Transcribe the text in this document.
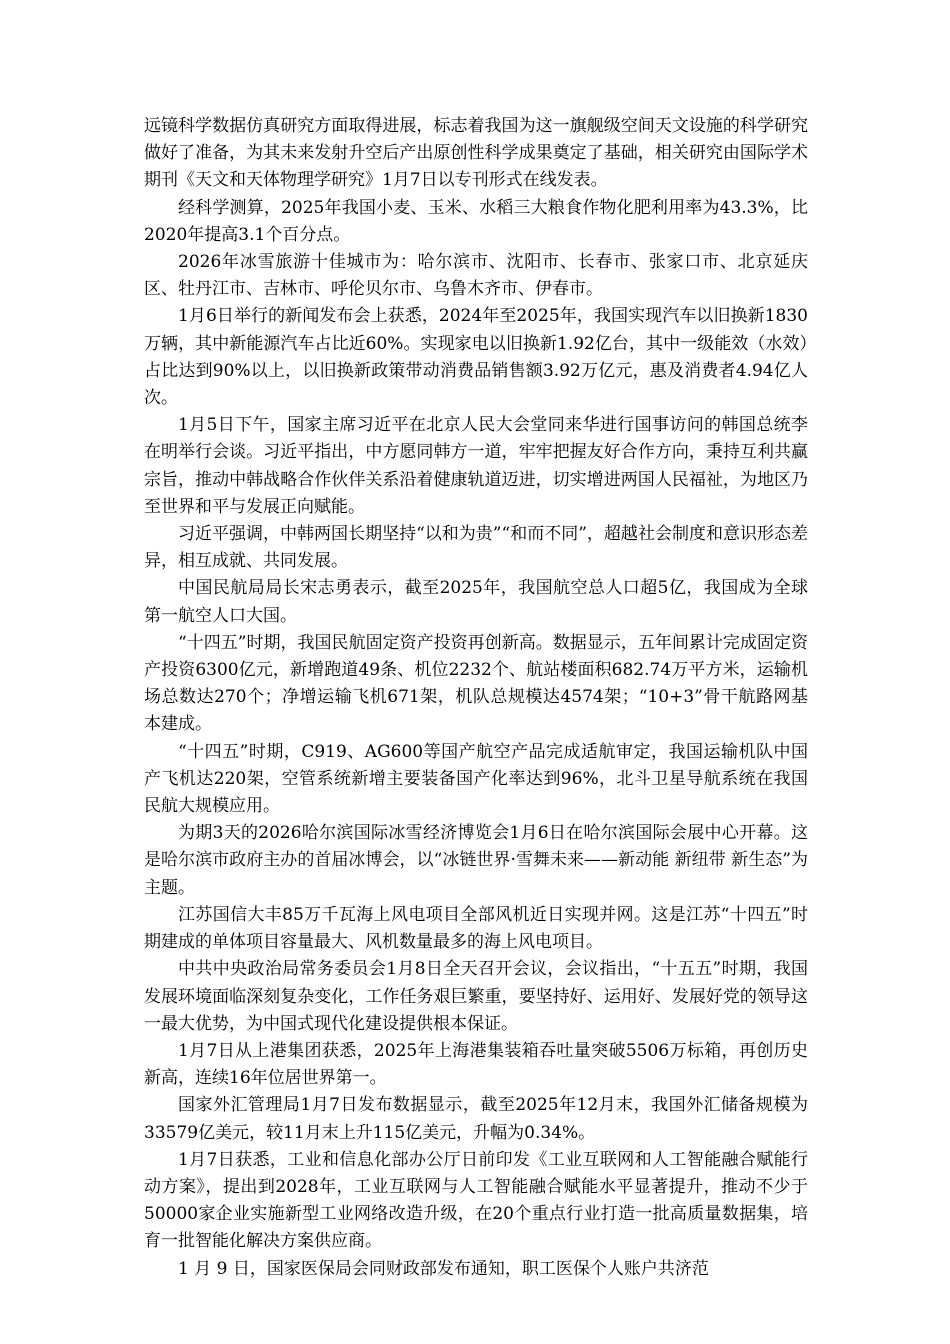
远镜科学数据仿真研究方面取得进展，标志着我国为这一旗舰级空间天文设施的科学研究做好了准备，为其未来发射升空后产出原创性科学成果奠定了基础，相关研究由国际学术期刊《天文和天体物理学研究》1月7日以专刊形式在线发表。

经科学测算，2025年我国小麦、玉米、水稻三大粮食作物化肥利用率为43.3%，比2020年提高3.1个百分点。

2026年冰雪旅游十佳城市为：哈尔滨市、沈阳市、长春市、张家口市、北京延庆区、牡丹江市、吉林市、呼伦贝尔市、乌鲁木齐市、伊春市。

1月6日举行的新闻发布会上获悉，2024年至2025年，我国实现汽车以旧换新1830万辆，其中新能源汽车占比近60%。实现家电以旧换新1.92亿台，其中一级能效（水效）占比达到90%以上，以旧换新政策带动消费品销售额3.92万亿元，惠及消费者4.94亿人次。

1月5日下午，国家主席习近平在北京人民大会堂同来华进行国事访问的韩国总统李在明举行会谈。习近平指出，中方愿同韩方一道，牢牢把握友好合作方向，秉持互利共赢宗旨，推动中韩战略合作伙伴关系沿着健康轨道迈进，切实增进两国人民福祉，为地区乃至世界和平与发展正向赋能。

习近平强调，中韩两国长期坚持“以和为贵”“和而不同”，超越社会制度和意识形态差异，相互成就、共同发展。

中国民航局局长宋志勇表示，截至2025年，我国航空总人口超5亿，我国成为全球第一航空人口大国。

“十四五”时期，我国民航固定资产投资再创新高。数据显示，五年间累计完成固定资产投资6300亿元，新增跑道49条、机位2232个、航站楼面积682.74万平方米，运输机场总数达270个；净增运输飞机671架，机队总规模达4574架；“10+3”骨干航路网基本建成。

“十四五”时期，C919、AG600等国产航空产品完成适航审定，我国运输机队中国产飞机达220架，空管系统新增主要装备国产化率达到96%，北斗卫星导航系统在我国民航大规模应用。

为期3天的2026哈尔滨国际冰雪经济博览会1月6日在哈尔滨国际会展中心开幕。这是哈尔滨市政府主办的首届冰博会，以“冰链世界·雪舞未来——新动能 新纽带 新生态”为主题。

江苏国信大丰85万千瓦海上风电项目全部风机近日实现并网。这是江苏“十四五”时期建成的单体项目容量最大、风机数量最多的海上风电项目。

中共中央政治局常务委员会1月8日全天召开会议，会议指出，“十五五”时期，我国发展环境面临深刻复杂变化，工作任务艰巨繁重，要坚持好、运用好、发展好党的领导这一最大优势，为中国式现代化建设提供根本保证。

1月7日从上港集团获悉，2025年上海港集装箱吞吐量突破5506万标箱，再创历史新高，连续16年位居世界第一。

国家外汇管理局1月7日发布数据显示，截至2025年12月末，我国外汇储备规模为33579亿美元，较11月末上升115亿美元，升幅为0.34%。

1月7日获悉，工业和信息化部办公厅日前印发《工业互联网和人工智能融合赋能行动方案》，提出到2028年，工业互联网与人工智能融合赋能水平显著提升，推动不少于50000家企业实施新型工业网络改造升级，在20个重点行业打造一批高质量数据集，培育一批智能化解决方案供应商。

1 月 9 日，国家医保局会同财政部发布通知，职工医保个人账户共济范
